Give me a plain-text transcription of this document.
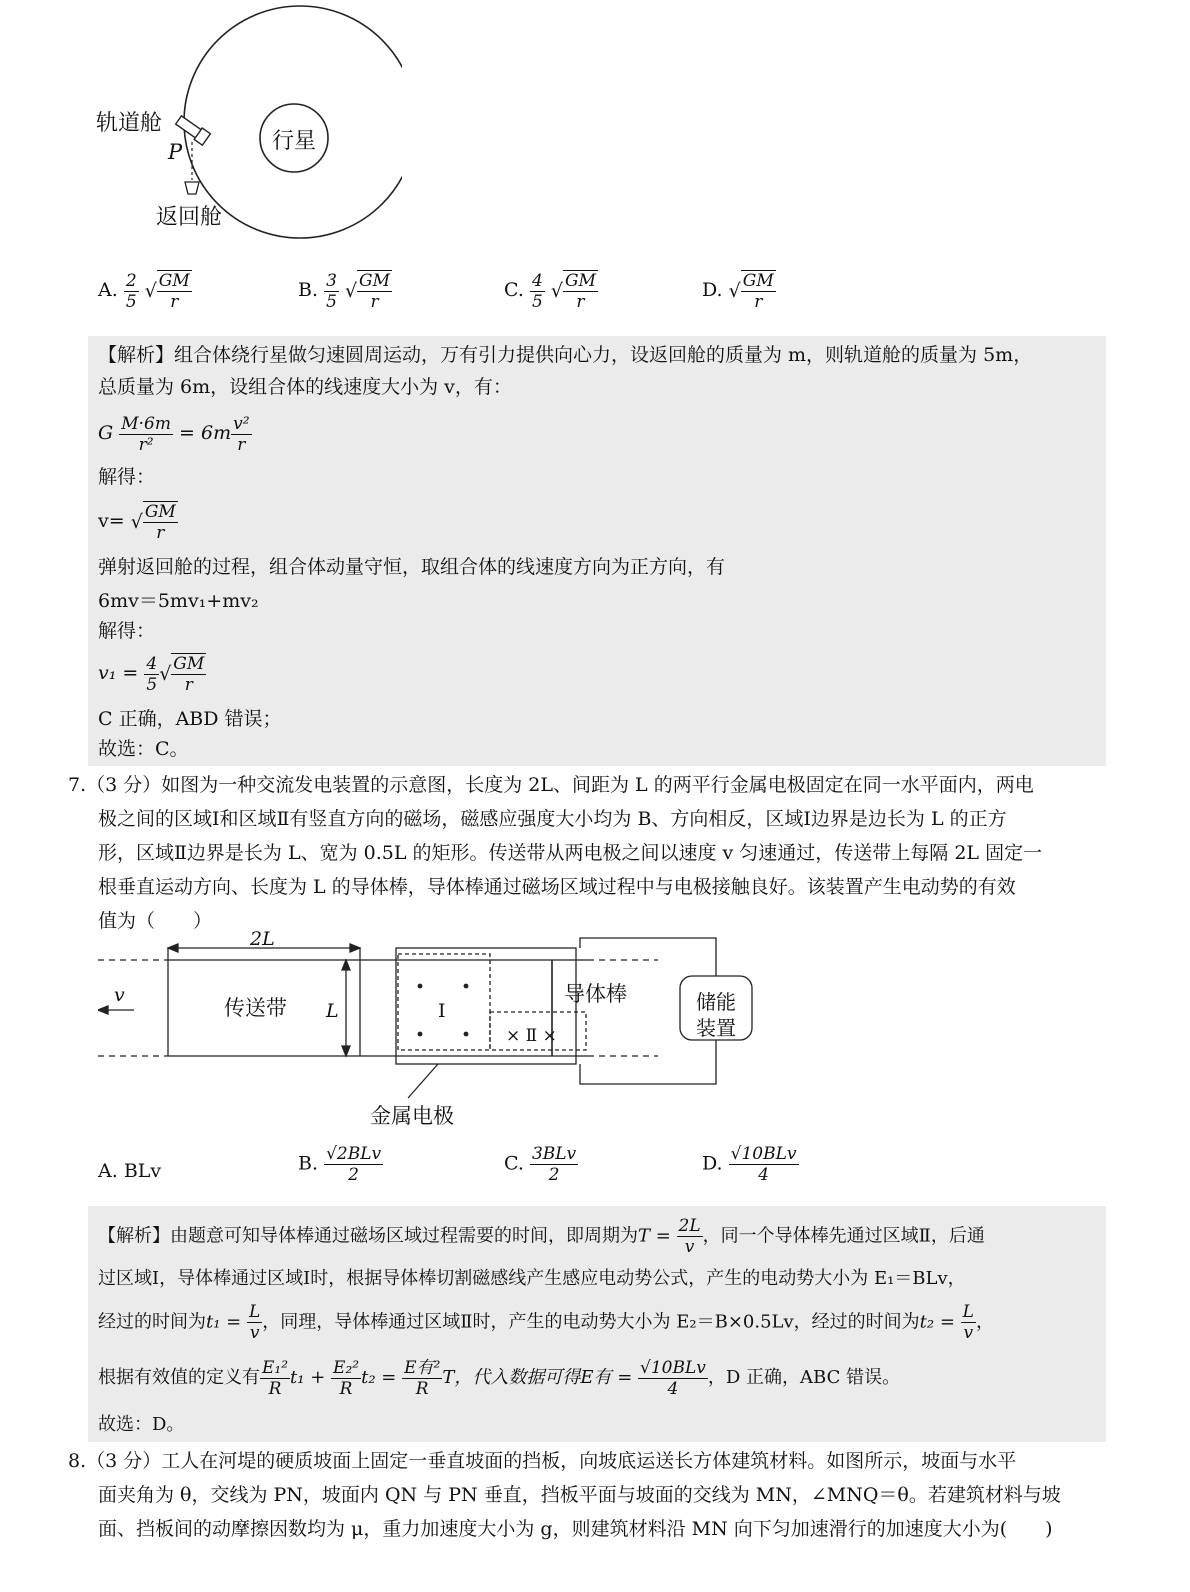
轨道舱
P	行星
返回舱
A. $\frac{2}{5}$ √ $\frac{GM}{r}$	B. $\frac{3}{5}$ √ $\frac{GM}{r}$	C. $\frac{4}{5}$ √ $\frac{GM}{r}$	D. √ $\frac{GM}{r}$
【解析】组合体绕行星做匀速圆周运动，万有引力提供向心力，设返回舱的质量为 m，则轨道舱的质量为 5m，
总质量为 6m，设组合体的线速度大小为 v，有：
G $\frac{M\cdot 6m}{\text{r²}} = 6m \frac{\text{v²}}{r}$
解得：
v= √ $\frac{GM}{r}$
弹射返回舱的过程，组合体动量守恒，取组合体的线速度方向为正方向，有
6mv＝5mv₁+mv₂
解得：
$v_1 = \frac{4}{5}$ √ $\frac{GM}{r}$
C 正确，ABD 错误；
故选：C。
7.（3 分）如图为一种交流发电装置的示意图，长度为 2L、间距为 L 的两平行金属电极固定在同一水平面内，两电
极之间的区域Ⅰ和区域Ⅱ有竖直方向的磁场，磁感应强度大小均为 B、方向相反，区域Ⅰ边界是边长为 L 的正方
形，区域Ⅱ边界是长为 L、宽为 0.5L 的矩形。传送带从两电极之间以速度 v 匀速通过，传送带上每隔 2L 固定一
根垂直运动方向、长度为 L 的导体棒，导体棒通过磁场区域过程中与电极接触良好。该装置产生电动势的有效
值为（　　）
2L
v
传送带 L	I
× Ⅱ ×
导体棒	储能
装置
金属电极
A. BLv	B. √2BLv
2
C. 3BLv
2
D. √10BLv
4
【解析】由题意可知导体棒通过磁场区域过程需要的时间，即周期为$T = \frac{2L}{v}$ ，同一个导体棒先通过区域Ⅱ，后通
过区域Ⅰ，导体棒通过区域Ⅰ时，根据导体棒切割磁感线产生感应电动势公式，产生的电动势大小为 E₁＝BLv，
经过的时间为$t_1 = \frac{L}{v}$ ，同理，导体棒通过区域Ⅱ时，产生的电动势大小为 E₂＝B×0.5Lv，经过的时间为$t_2 = \frac{L}{v}$ ，
根据有效值的定义有 $\frac{\text{E₁²}}{R} t_1 + \frac{\text{E₂²}}{R} t_2 = E$有²
R
T，代入数据可得E有 = √10BLv
4
，D 正确，ABC 错误。
故选：D。
8.（3 分）工人在河堤的硬质坡面上固定一垂直坡面的挡板，向坡底运送长方体建筑材料。如图所示，坡面与水平
面夹角为 θ，交线为 PN，坡面内 QN 与 PN 垂直，挡板平面与坡面的交线为 MN，∠MNQ＝θ。若建筑材料与坡
面、挡板间的动摩擦因数均为 μ，重力加速度大小为 g，则建筑材料沿 MN 向下匀加速滑行的加速度大小为(　　)
